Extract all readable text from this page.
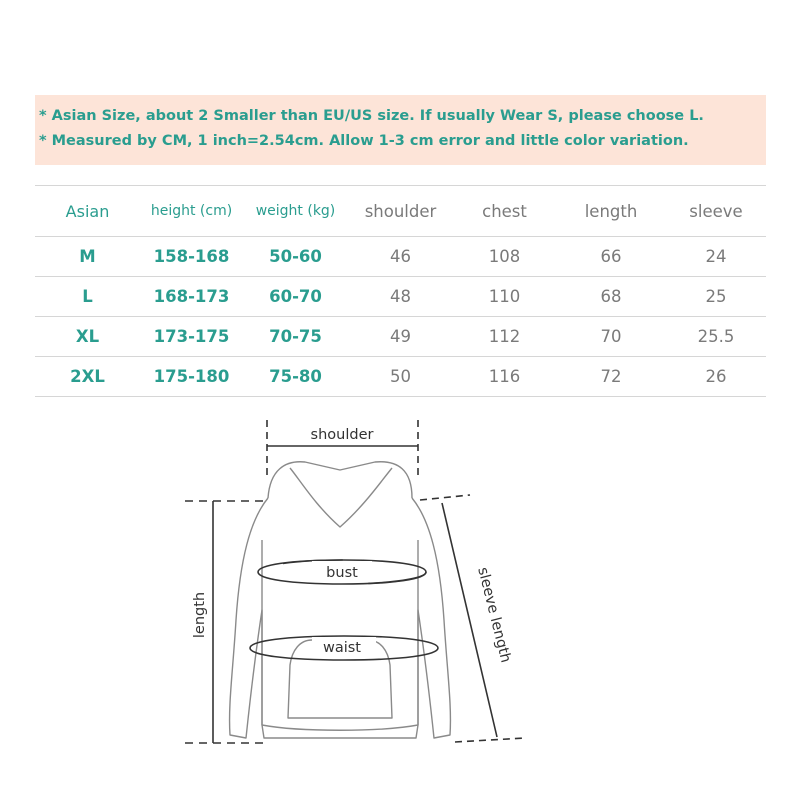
* Asian Size, about 2 Smaller than EU/US size. If usually Wear S, please choose L.
* Measured by CM, 1 inch=2.54cm. Allow 1-3 cm error and little color variation.
Asian	height (cm)	weight (kg)	shoulder	chest	length	sleeve
M	158-168	50-60	46	108	66	24
L	168-173	60-70	48	110	68	25
XL	173-175	70-75	49	112	70	25.5
2XL	175-180	75-80	50	116	72	26
shoulder
length	sleeve length
bust
waist
